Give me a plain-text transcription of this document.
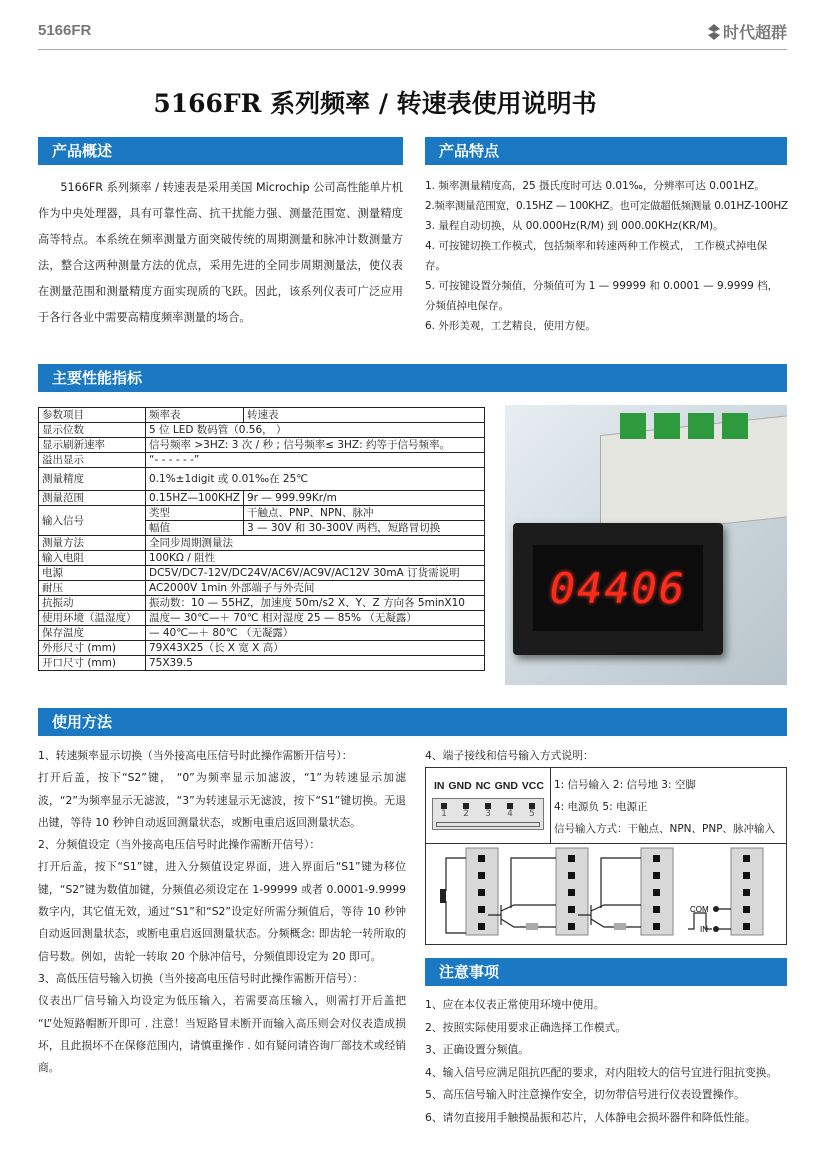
5166FR	时代超群
5166FR 系列频率 / 转速表使用说明书
产品概述
5166FR 系列频率 / 转速表是采用美国 Microchip 公司高性能单片机作为中央处理器，具有可靠性高、抗干扰能力强、测量范围宽、测量精度高等特点。本系统在频率测量方面突破传统的周期测量和脉冲计数测量方法，整合这两种测量方法的优点，采用先进的全同步周期测量法，使仪表在测量范围和测量精度方面实现质的飞跃。因此，该系列仪表可广泛应用于各行各业中需要高精度频率测量的场合。
产品特点
1. 频率测量精度高，25 摄氏度时可达 0.01‰，分辨率可达 0.001HZ。
2.频率测量范围宽，0.15HZ — 100KHZ。也可定做超低频测量 0.01HZ-100HZ
3. 量程自动切换，从 00.000Hz(R/M) 到 000.00KHz(KR/M)。
4. 可按键切换工作模式，包括频率和转速两种工作模式， 工作模式掉电保存。
5. 可按键设置分频值，分频值可为 1 — 99999 和 0.0001 — 9.9999 档，分频值掉电保存。
6. 外形美观，工艺精良，使用方便。
主要性能指标
参数项目	频率表	转速表
显示位数	5 位 LED 数码管（0.56， ）	
显示刷新速率	信号频率 >3HZ: 3 次 / 秒 ; 信号频率≤ 3HZ: 约等于信号频率。	
溢出显示	“- - - - - -”	
测量精度	0.1%±1digit 或 0.01‰在 25℃	
测量范围	0.15HZ—100KHZ	9r — 999.99Kr/m
输入信号	类型	干触点、PNP、NPN、脉冲
	幅值	3 — 30V 和 30-300V 两档，短路冒切换
测量方法	全同步周期测量法	
输入电阻	100KΩ / 阻性	
电源	DC5V/DC7-12V/DC24V/AC6V/AC9V/AC12V 30mA 订货需说明	
耐压	AC2000V 1min 外部端子与外壳间	
抗振动	振动数：10 — 55HZ，加速度 50m/s2 X、Y、Z 方向各 5minX10	
使用环境（温湿度）	温度— 30℃—＋ 70℃ 相对湿度 25 — 85% （无凝露）	
保存温度	— 40℃—＋ 80℃ （无凝露）	
外形尺寸 (mm)	79X43X25（长 X 宽 X 高）	
开口尺寸 (mm)	75X39.5	
04406
使用方法
1、转速频率显示切换（当外接高电压信号时此操作需断开信号）：
打开后盖，按下“S2”键， “0”为频率显示加滤波，“1”为转速显示加滤波，“2”为频率显示无滤波，“3”为转速显示无滤波，按下“S1”键切换。无退出键，等待 10 秒钟自动返回测量状态，或断电重启返回测量状态。
2、分频值设定（当外接高电压信号时此操作需断开信号）：
打开后盖，按下“S1”键，进入分频值设定界面，进入界面后“S1”键为移位键，“S2”键为数值加键，分频值必须设定在 1-99999 或者 0.0001-9.9999 数字内，其它值无效，通过“S1”和“S2”设定好所需分频值后，等待 10 秒钟自动返回测量状态，或断电重启返回测量状态。分频概念: 即齿轮一转所取的信号数。例如，齿轮一转取 20 个脉冲信号，分频值即设定为 20 即可。
3、高低压信号输入切换（当外接高电压信号时此操作需断开信号）：
仪表出厂信号输入均设定为低压输入，若需要高压输入，则需打开后盖把 “L”处短路帽断开即可 . 注意！当短路冒未断开而输入高压则会对仪表造成损坏，且此损坏不在保修范围内，请慎重操作 . 如有疑问请咨询厂部技术或经销商。
4、端子接线和信号输入方式说明：
IN GND NC GND VCC
1 2 3 4 5
1: 信号输入 2: 信号地 3: 空脚
4: 电源负 5: 电源正
信号输入方式：干触点、NPN、PNP、脉冲输入
COM
IN
注意事项
1、应在本仪表正常使用环境中使用。
2、按照实际使用要求正确选择工作模式。
3、正确设置分频值。
4、输入信号应满足阻抗匹配的要求，对内阻较大的信号宜进行阻抗变换。
5、高压信号输入时注意操作安全，切勿带信号进行仪表设置操作。
6、请勿直接用手触摸晶振和芯片，人体静电会损坏器件和降低性能。
